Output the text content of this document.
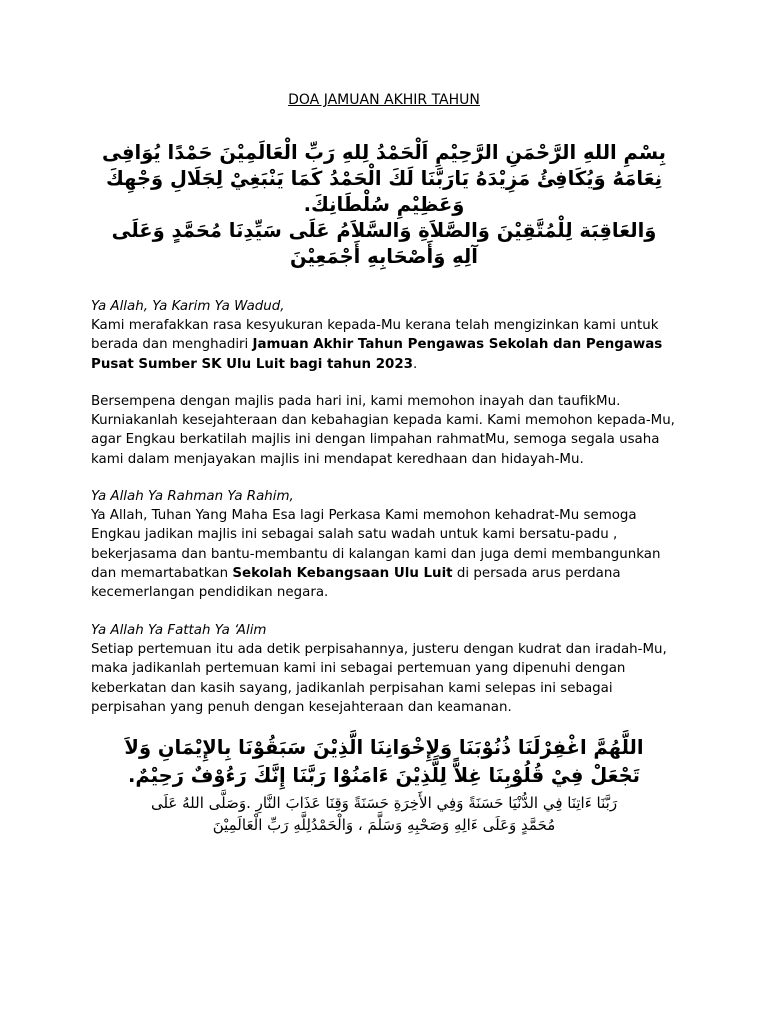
DOA JAMUAN AKHIR TAHUN
بِسْمِ اللهِ الرَّحْمَنِ الرَّحِيْمِ اَلْحَمْدُ لِلهِ رَبِّ الْعَالَمِيْنَ حَمْدًا يُوَافِى
نِعَامَهُ وَيُكَافِئُ مَزِيْدَهُ يَارَبَّنَا لَكَ الْحَمْدُ كَمَا يَنْبَغِيْ لِجَلَالِ وَجْهِكَ
وَعَظِيْمِ سُلْطَانِكَ.
وَالعَاقِبَة لِلْمُتَّقِيْنَ وَالصَّلاَةِ وَالسَّلاَمُ عَلَى سَيِّدِنَا مُحَمَّدٍ وَعَلَى
آلِهِ وَأَصْحَابِهِ أَجْمَعِيْنَ

Ya Allah, Ya Karim Ya Wadud,

Kami merafakkan rasa kesyukuran kepada-Mu kerana telah mengizinkan kami untuk berada dan menghadiri Jamuan Akhir Tahun Pengawas Sekolah dan Pengawas Pusat Sumber SK Ulu Luit bagi tahun 2023.

Bersempena dengan majlis pada hari ini, kami memohon inayah dan taufikMu. Kurniakanlah kesejahteraan dan kebahagian kepada kami. Kami memohon kepada-Mu, agar Engkau berkatilah majlis ini dengan limpahan rahmatMu, semoga segala usaha kami dalam menjayakan majlis ini mendapat keredhaan dan hidayah-Mu.

Ya Allah Ya Rahman Ya Rahim,

Ya Allah, Tuhan Yang Maha Esa lagi Perkasa Kami memohon kehadrat-Mu semoga Engkau jadikan majlis ini sebagai salah satu wadah untuk kami bersatu-padu , bekerjasama dan bantu-membantu di kalangan kami dan juga demi membangunkan dan memartabatkan Sekolah Kebangsaan Ulu Luit di persada arus perdana kecemerlangan pendidikan negara.

Ya Allah Ya Fattah Ya ‘Alim

Setiap pertemuan itu ada detik perpisahannya, justeru dengan kudrat dan iradah-Mu, maka jadikanlah pertemuan kami ini sebagai pertemuan yang dipenuhi dengan keberkatan dan kasih sayang, jadikanlah perpisahan kami selepas ini sebagai perpisahan yang penuh dengan kesejahteraan dan keamanan.

اللَّهُمَّ اغْفِرْلَنَا ذُنُوْبَنَا وَلِإِخْوَانِنَا الَّذِيْنَ سَبَقُوْنَا بِالإِيْمَانِ وَلاَ
تَجْعَلْ فِيْ قُلُوْبِنَا غِلاًّ لِلَّذِيْنَ ءَامَنُوْا رَبَّنَا إِنَّكَ رَءُوْفٌ رَحِيْمٌ.
رَبَّنَا ءَاتِنَا فِي الدُّنْيَا حَسَنَةً وَفِي الأَخِرَةِ حَسَنَةً وَقِنَا عَذَابَ النَّارِ .وَصَلَّى اللهُ عَلَى
مُحَمَّدٍ وَعَلَى ءَالِهِ وَصَحْبِهِ وَسَلَّمَ ، وَالْحَمْدُلِلَّهِ رَبِّ الْعَالَمِيْنَ
